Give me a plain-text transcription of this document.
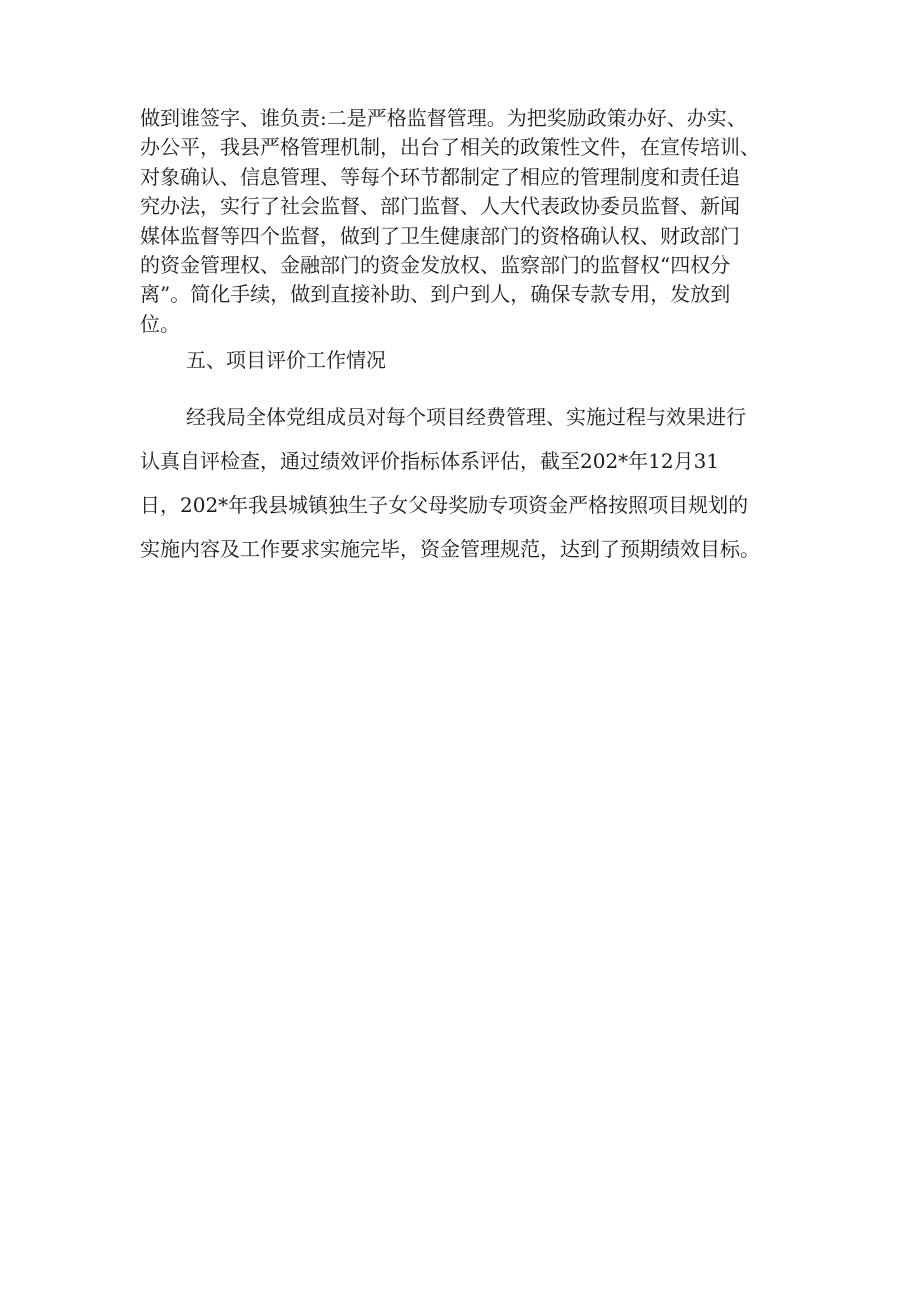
做到谁签字、谁负责:二是严格监督管理。为把奖励政策办好、办实、
办公平，我县严格管理机制，出台了相关的政策性文件，在宣传培训、
对象确认、信息管理、等每个环节都制定了相应的管理制度和责任追
究办法，实行了社会监督、部门监督、人大代表政协委员监督、新闻
媒体监督等四个监督，做到了卫生健康部门的资格确认权、财政部门
的资金管理权、金融部门的资金发放权、监察部门的监督权“四权分
离”。简化手续，做到直接补助、到户到人，确保专款专用，发放到
位。
五、项目评价工作情况
经我局全体党组成员对每个项目经费管理、实施过程与效果进行
认真自评检查，通过绩效评价指标体系评估，截至202*年12月31
日，202*年我县城镇独生子女父母奖励专项资金严格按照项目规划的
实施内容及工作要求实施完毕，资金管理规范，达到了预期绩效目标。
